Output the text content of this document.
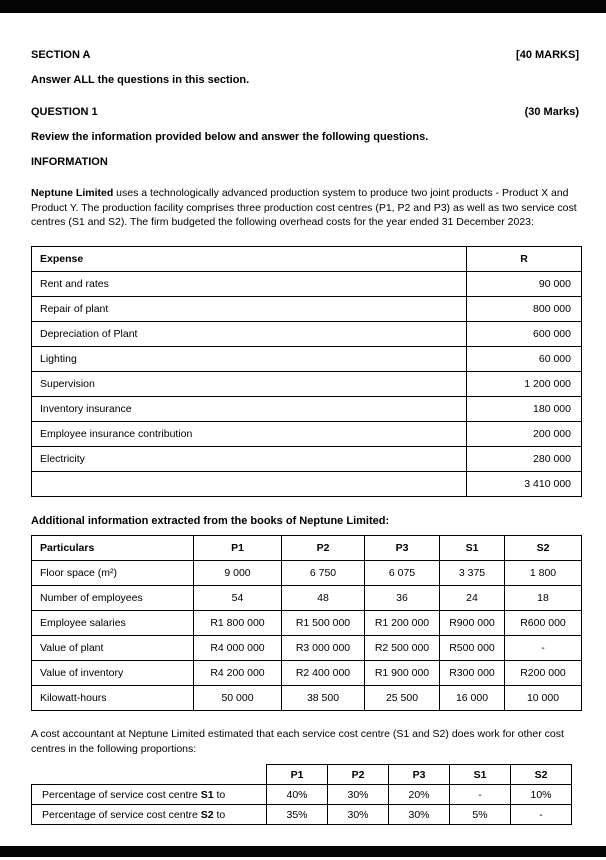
SECTION A	[40 MARKS]
Answer ALL the questions in this section.
QUESTION 1	(30 Marks)
Review the information provided below and answer the following questions.
INFORMATION

Neptune Limited uses a technologically advanced production system to produce two joint products - Product X and Product Y. The production facility comprises three production cost centres (P1, P2 and P3) as well as two service cost centres (S1 and S2). The firm budgeted the following overhead costs for the year ended 31 December 2023:

Expense	R
Rent and rates	90 000
Repair of plant	800 000
Depreciation of Plant	600 000
Lighting	60 000
Supervision	1 200 000
Inventory insurance	180 000
Employee insurance contribution	200 000
Electricity	280 000
	3 410 000
Additional information extracted from the books of Neptune Limited:
Particulars	P1	P2	P3	S1	S2
Floor space (m²)	9 000	6 750	6 075	3 375	1 800
Number of employees	54	48	36	24	18
Employee salaries	R1 800 000	R1 500 000	R1 200 000	R900 000	R600 000
Value of plant	R4 000 000	R3 000 000	R2 500 000	R500 000	-
Value of inventory	R4 200 000	R2 400 000	R1 900 000	R300 000	R200 000
Kilowatt-hours	50 000	38 500	25 500	16 000	10 000

A cost accountant at Neptune Limited estimated that each service cost centre (S1 and S2) does work for other cost centres in the following proportions:

	P1	P2	P3	S1	S2
Percentage of service cost centre S1 to	40%	30%	20%	-	10%
Percentage of service cost centre S2 to	35%	30%	30%	5%	-
